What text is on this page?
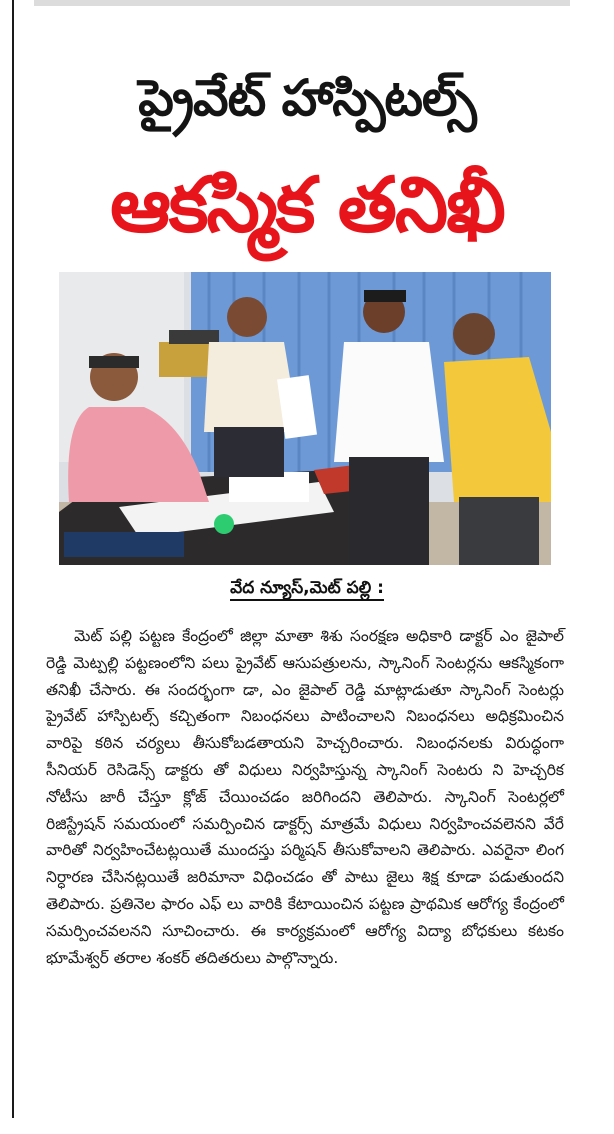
ప్రైవేట్ హాస్పిటల్స్
ఆకస్మిక తనిఖీ
వేద న్యూస్,మెట్ పల్లి :

మెట్ పల్లి పట్టణ కేంద్రంలో జిల్లా మాతా శిశు సంరక్షణ అధికారి డాక్టర్ ఎం జైపాల్ రెడ్డి మెట్పల్లి పట్టణంలోని పలు ప్రైవేట్ ఆసుపత్రులను, స్కానింగ్ సెంటర్లను ఆకస్మికంగా తనిఖీ చేసారు. ఈ సందర్భంగా డా, ఎం జైపాల్ రెడ్డి మాట్లాడుతూ స్కానింగ్ సెంటర్లు ప్రైవేట్ హాస్పిటల్స్ కచ్చితంగా నిబంధనలు పాటించాలని నిబంధనలు అధిక్రమించిన వారిపై కఠిన చర్యలు తీసుకోబడతాయని హెచ్చరించారు. నిబంధనలకు విరుద్ధంగా సీనియర్ రెసిడెన్స్ డాక్టరు తో విధులు నిర్వహిస్తున్న స్కానింగ్ సెంటరు ని హెచ్చరిక నోటీసు జారీ చేస్తూ క్లోజ్ చేయించడం జరిగిందని తెలిపారు. స్కానింగ్ సెంటర్లలో రిజిస్ట్రేషన్ సమయంలో సమర్పించిన డాక్టర్స్ మాత్రమే విధులు నిర్వహించవలెనని వేరే వారితో నిర్వహించేటట్లయితే ముందస్తు పర్మిషన్ తీసుకోవాలని తెలిపారు. ఎవరైనా లింగ నిర్ధారణ చేసినట్లయితే జరిమానా విధించడం తో పాటు జైలు శిక్ష కూడా పడుతుందని తెలిపారు. ప్రతినెల ఫారం ఎఫ్ లు వారికి కేటాయించిన పట్టణ ప్రాథమిక ఆరోగ్య కేంద్రంలో సమర్పించవలనని సూచించారు. ఈ కార్యక్రమంలో ఆరోగ్య విద్యా బోధకులు కటకం భూమేశ్వర్ తరాల శంకర్ తదితరులు పాల్గొన్నారు.
